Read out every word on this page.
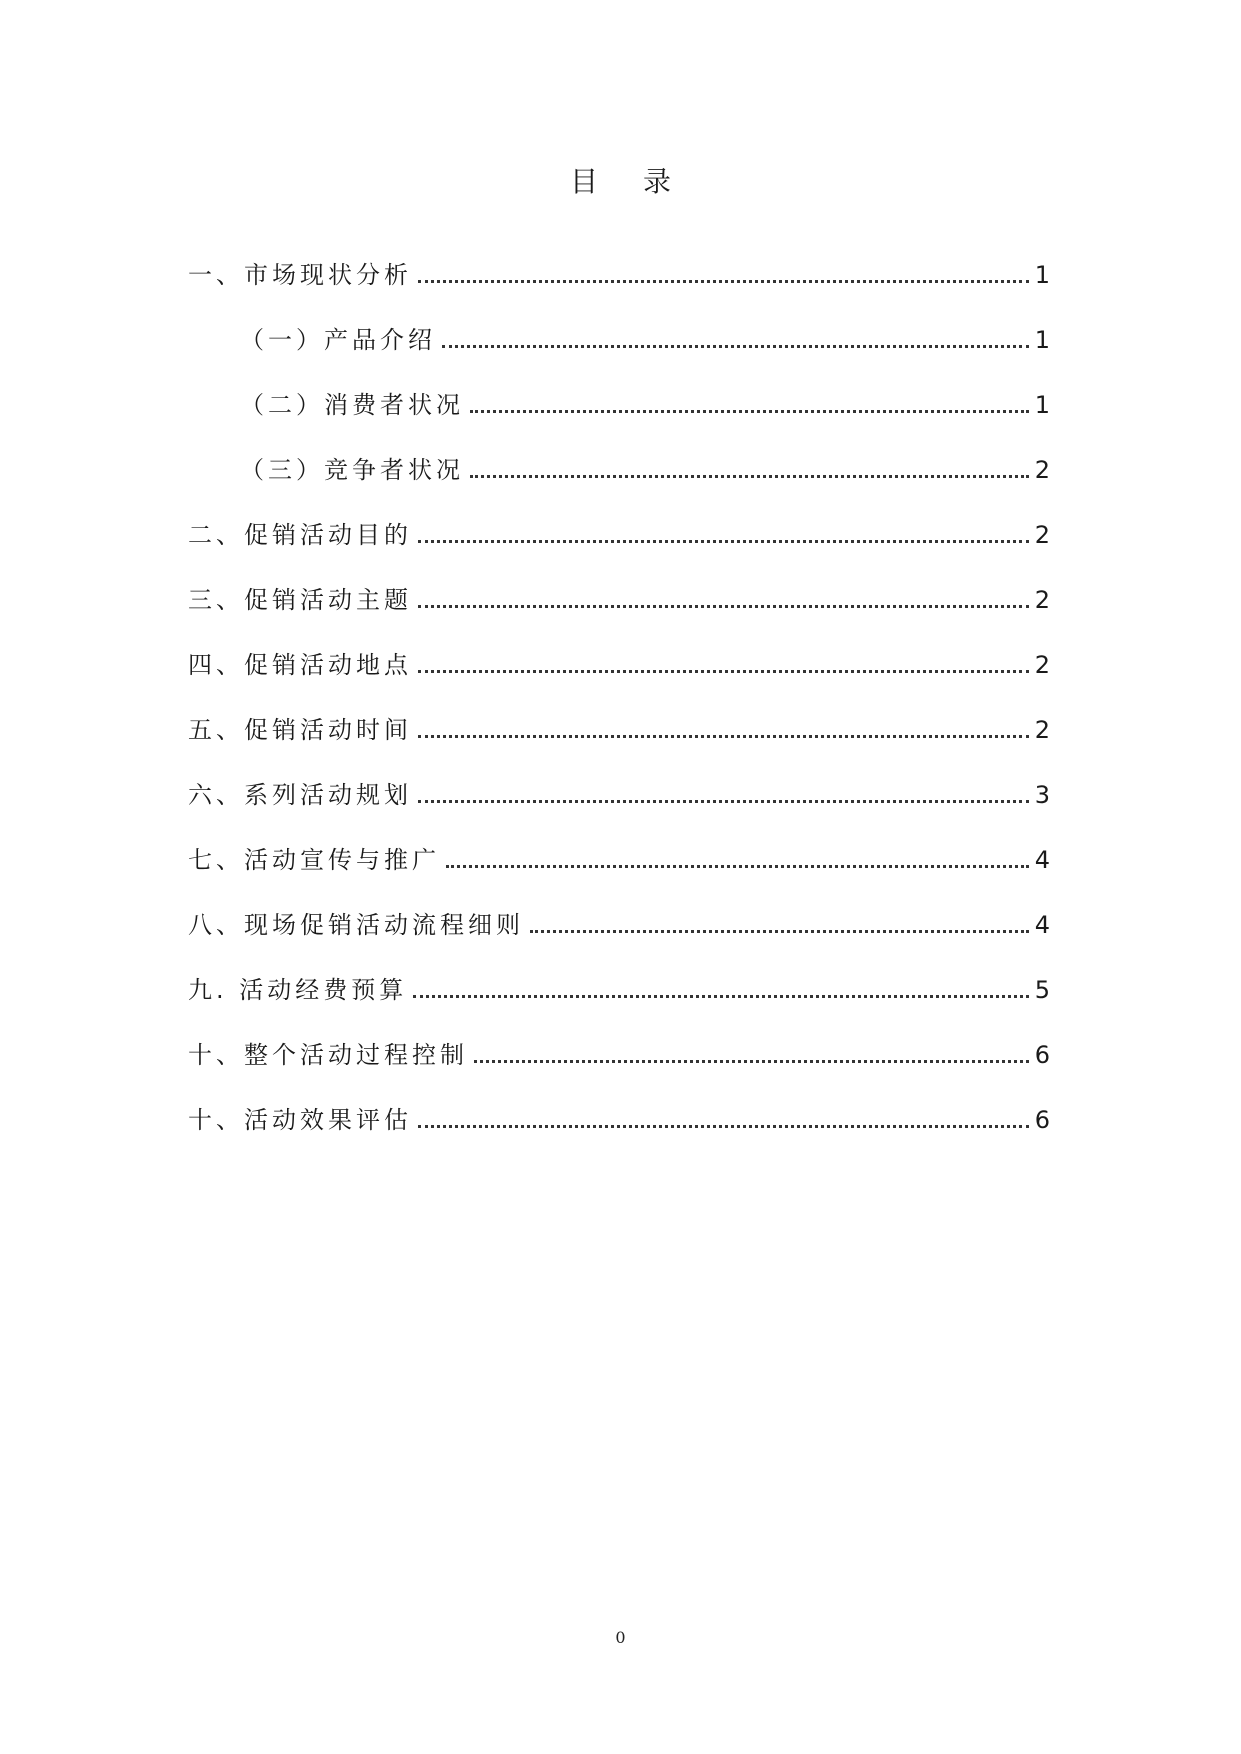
目 录
一、市场现状分析	1
（一）产品介绍	1
（二）消费者状况	1
（三）竞争者状况	2
二、促销活动目的	2
三、促销活动主题	2
四、促销活动地点	2
五、促销活动时间	2
六、系列活动规划	3
七、活动宣传与推广	4
八、现场促销活动流程细则	4
九. 活动经费预算	5
十、整个活动过程控制	6
十、活动效果评估	6
0
